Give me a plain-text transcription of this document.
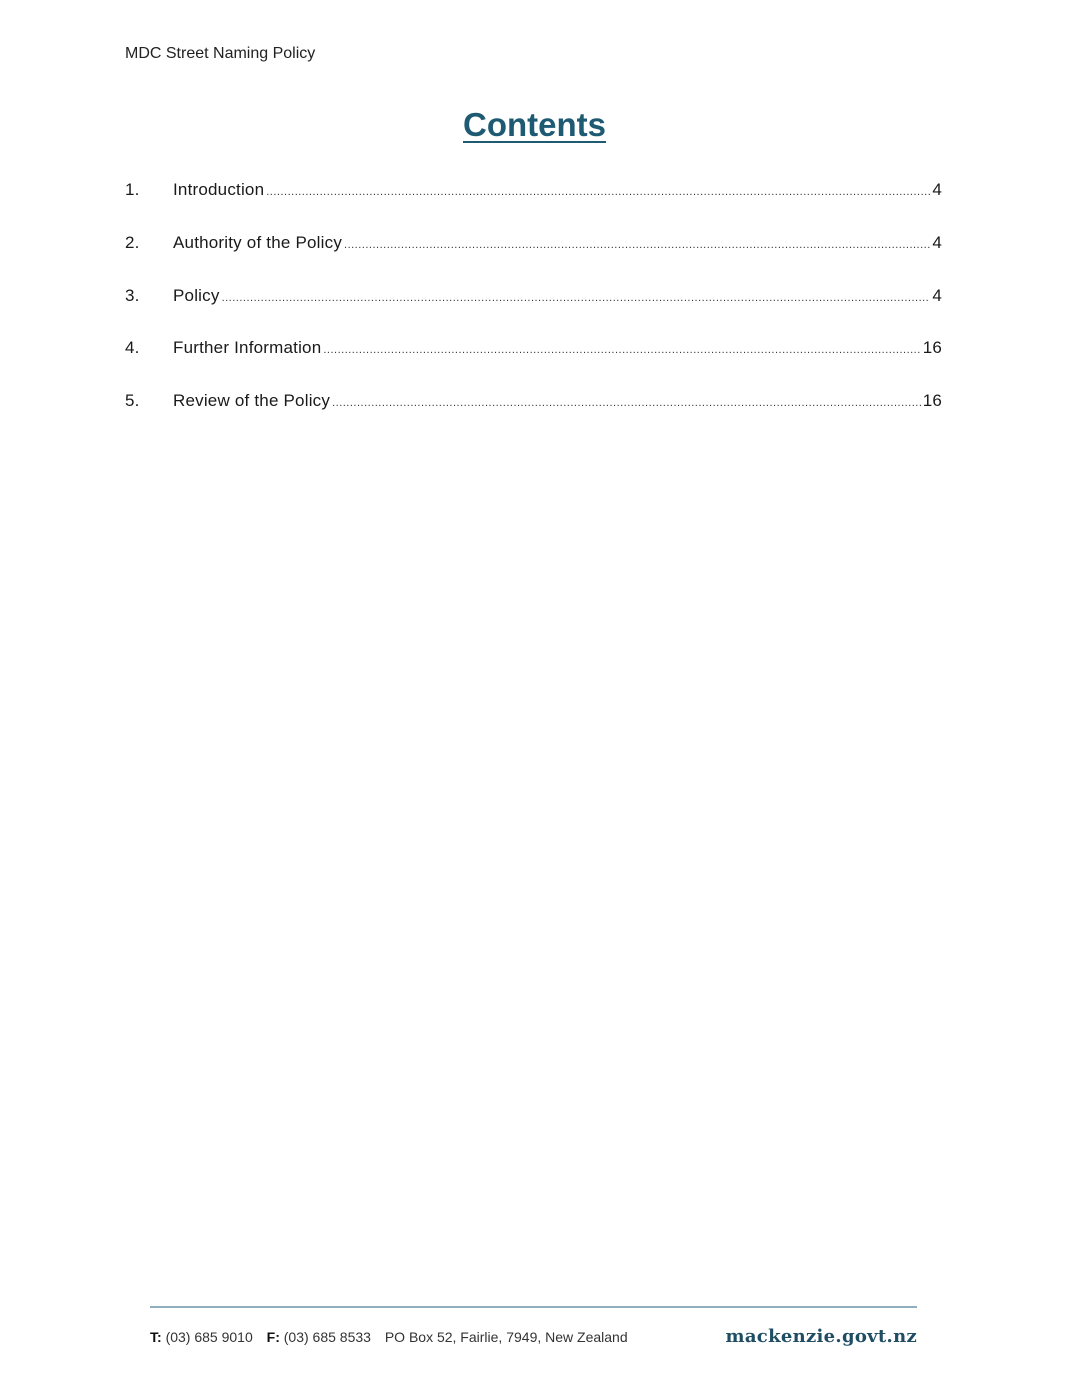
MDC Street Naming Policy
Contents
1.	Introduction .....	4
2.	Authority of the Policy .....	4
3.	Policy .....	4
4.	Further Information .....	16
5.	Review of the Policy .....	16
T: (03) 685 9010 F: (03) 685 8533 PO Box 52, Fairlie, 7949, New Zealand	mackenzie.govt.nz
